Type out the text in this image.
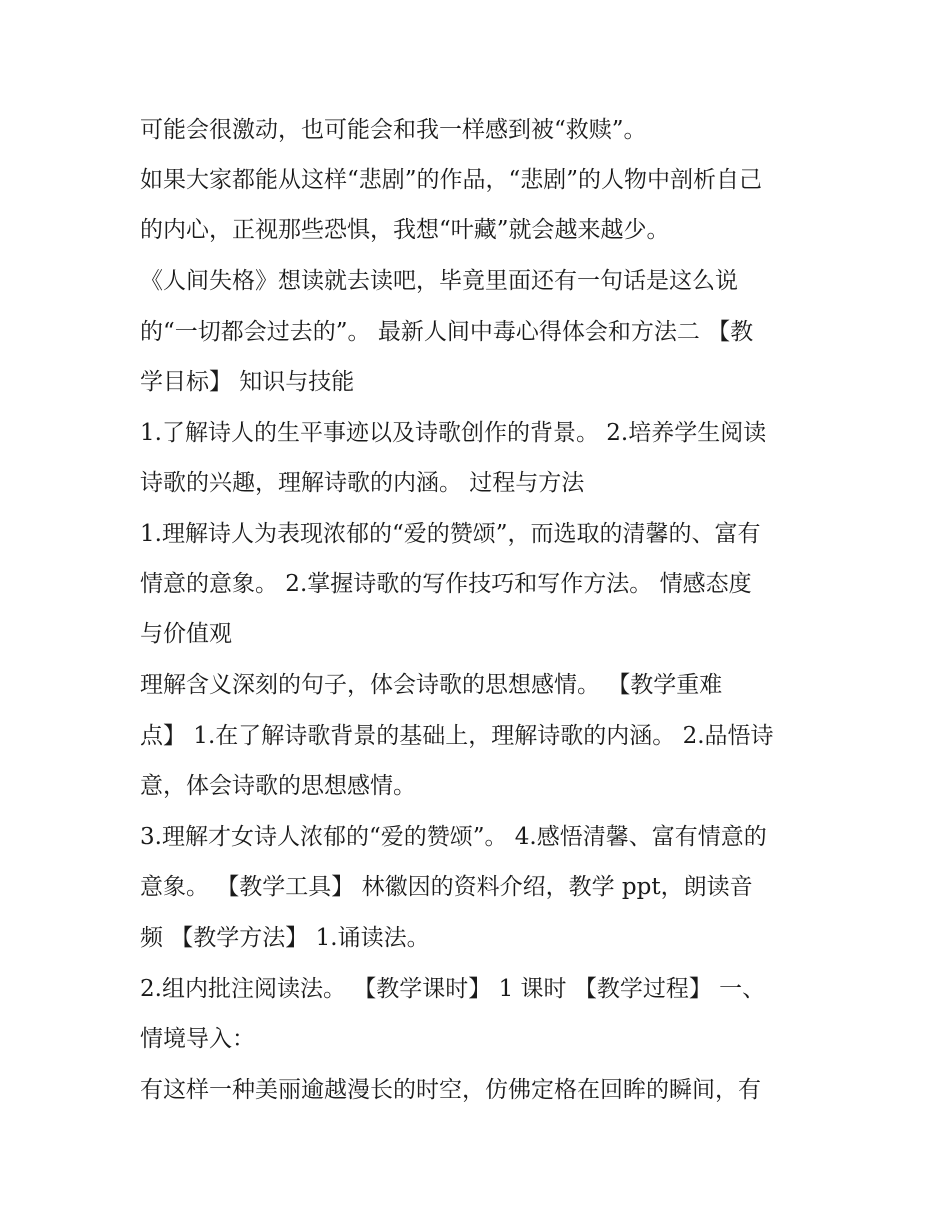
可能会很激动，也可能会和我一样感到被“救赎”。
如果大家都能从这样“悲剧”的作品，“悲剧”的人物中剖析自己
的内心，正视那些恐惧，我想“叶藏”就会越来越少。
《人间失格》想读就去读吧，毕竟里面还有一句话是这么说
的“一切都会过去的”。 最新人间中毒心得体会和方法二 【教
学目标】 知识与技能
1.了解诗人的生平事迹以及诗歌创作的背景。 2.培养学生阅读
诗歌的兴趣，理解诗歌的内涵。 过程与方法
1.理解诗人为表现浓郁的“爱的赞颂”，而选取的清馨的、富有
情意的意象。 2.掌握诗歌的写作技巧和写作方法。 情感态度
与价值观
理解含义深刻的句子，体会诗歌的思想感情。 【教学重难
点】 1.在了解诗歌背景的基础上，理解诗歌的内涵。 2.品悟诗
意，体会诗歌的思想感情。
3.理解才女诗人浓郁的“爱的赞颂”。 4.感悟清馨、富有情意的
意象。 【教学工具】 林徽因的资料介绍，教学 ppt，朗读音
频 【教学方法】 1.诵读法。
2.组内批注阅读法。 【教学课时】 1 课时 【教学过程】 一、
情境导入：
有这样一种美丽逾越漫长的时空，仿佛定格在回眸的瞬间，有
